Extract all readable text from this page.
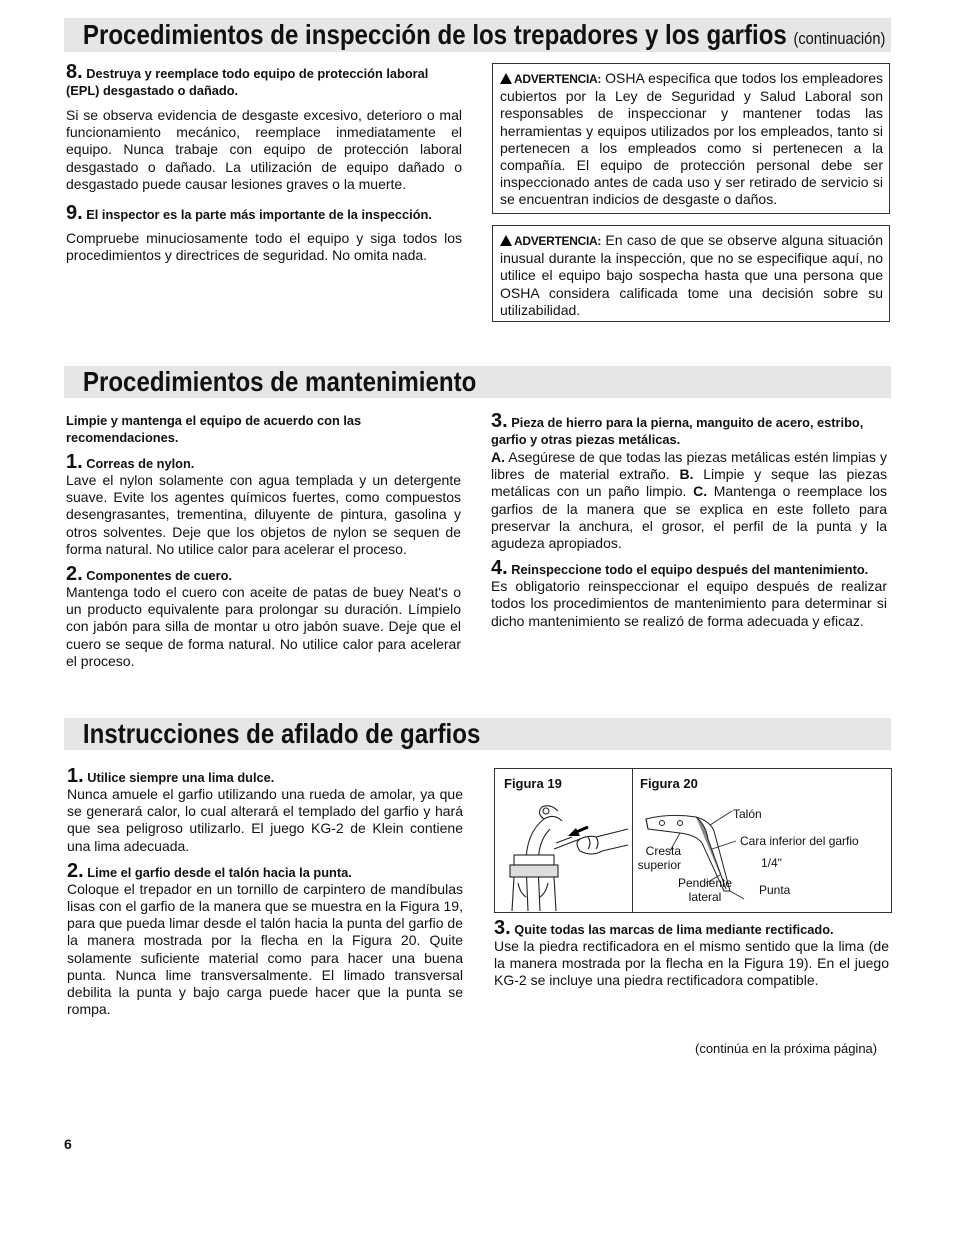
Procedimientos de inspección de los trepadores y los garfios (continuación)
8. Destruya y reemplace todo equipo de protección laboral (EPL) desgastado o dañado.

Si se observa evidencia de desgaste excesivo, deterioro o mal funcionamiento mecánico, reemplace inmediatamente el equipo. Nunca trabaje con equipo de protección laboral desgastado o dañado. La utilización de equipo dañado o desgastado puede causar lesiones graves o la muerte.

9. El inspector es la parte más importante de la inspección.

Compruebe minuciosamente todo el equipo y siga todos los procedimientos y directrices de seguridad. No omita nada.

ADVERTENCIA: OSHA especifica que todos los empleadores cubiertos por la Ley de Seguridad y Salud Laboral son responsables de inspeccionar y mantener todas las herramientas y equipos utilizados por los empleados, tanto si pertenecen a los empleados como si pertenecen a la compañía. El equipo de protección personal debe ser inspeccionado antes de cada uso y ser retirado de servicio si se encuentran indicios de desgaste o daños.

ADVERTENCIA: En caso de que se observe alguna situación inusual durante la inspección, que no se especifique aquí, no utilice el equipo bajo sospecha hasta que una persona que OSHA considera calificada tome una decisión sobre su utilizabilidad.

Procedimientos de mantenimiento
Limpie y mantenga el equipo de acuerdo con las recomendaciones.
1. Correas de nylon.

Lave el nylon solamente con agua templada y un detergente suave. Evite los agentes químicos fuertes, como compuestos desengrasantes, trementina, diluyente de pintura, gasolina y otros solventes. Deje que los objetos de nylon se sequen de forma natural. No utilice calor para acelerar el proceso.

2. Componentes de cuero.

Mantenga todo el cuero con aceite de patas de buey Neat's o un producto equivalente para prolongar su duración. Límpielo con jabón para silla de montar u otro jabón suave. Deje que el cuero se seque de forma natural. No utilice calor para acelerar el proceso.

3. Pieza de hierro para la pierna, manguito de acero, estribo, garfio y otras piezas metálicas.

A. Asegúrese de que todas las piezas metálicas estén limpias y libres de material extraño. B. Limpie y seque las piezas metálicas con un paño limpio. C. Mantenga o reemplace los garfios de la manera que se explica en este folleto para preservar la anchura, el grosor, el perfil de la punta y la agudeza apropiados.

4. Reinspeccione todo el equipo después del mantenimiento.

Es obligatorio reinspeccionar el equipo después de realizar todos los procedimientos de mantenimiento para determinar si dicho mantenimiento se realizó de forma adecuada y eficaz.

Instrucciones de afilado de garfios
1. Utilice siempre una lima dulce.

Nunca amuele el garfio utilizando una rueda de amolar, ya que se generará calor, lo cual alterará el templado del garfio y hará que sea peligroso utilizarlo. El juego KG-2 de Klein contiene una lima adecuada.

2. Lime el garfio desde el talón hacia la punta.

Coloque el trepador en un tornillo de carpintero de mandíbulas lisas con el garfio de la manera que se muestra en la Figura 19, para que pueda limar desde el talón hacia la punta del garfio de la manera mostrada por la flecha en la Figura 20. Quite solamente suficiente material como para hacer una buena punta. Nunca lime transversalmente. El limado transversal debilita la punta y bajo carga puede hacer que la punta se rompa.

Figura 19	Figura 20
Talón
Cara inferior del garfio
Cresta superior	1/4"
Pendiente lateral	Punta
3. Quite todas las marcas de lima mediante rectificado.

Use la piedra rectificadora en el mismo sentido que la lima (de la manera mostrada por la flecha en la Figura 19). En el juego KG-2 se incluye una piedra rectificadora compatible.

(continúa en la próxima página)
6
